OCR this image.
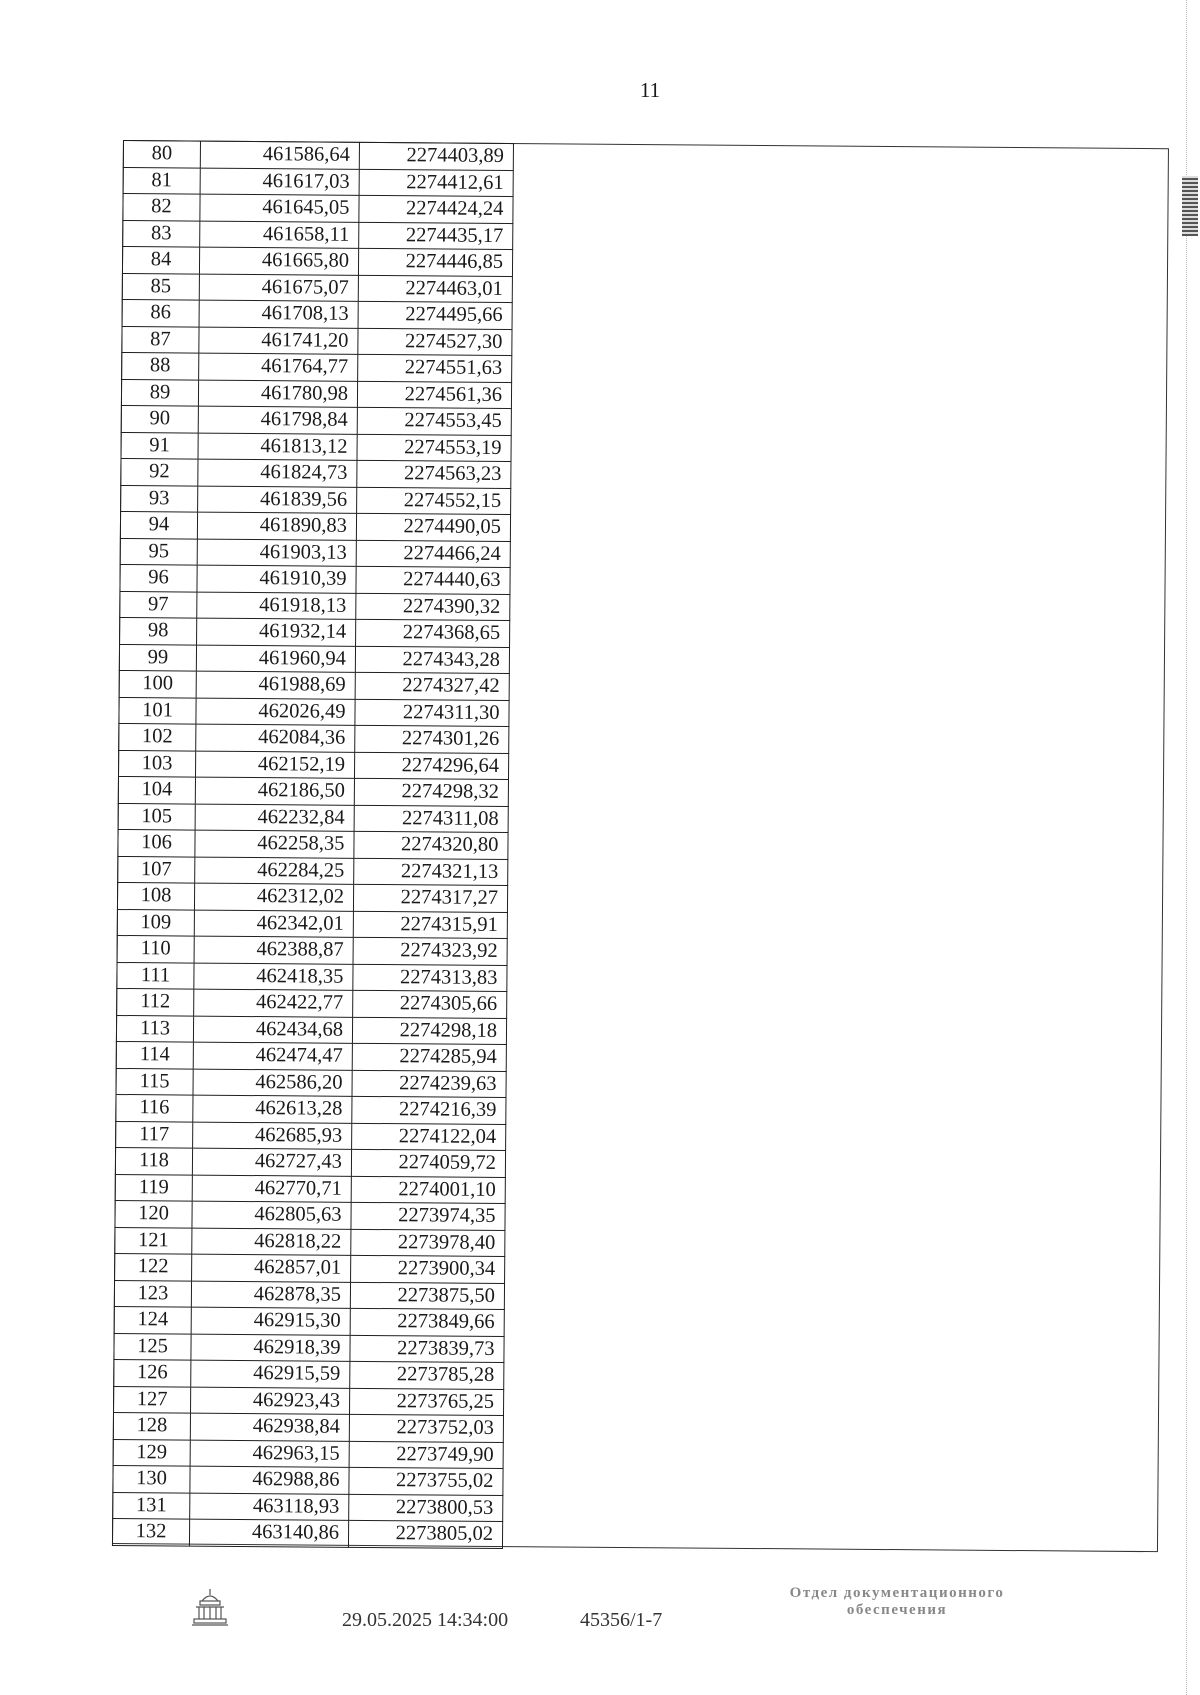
11
80	461586,64	2274403,89
81	461617,03	2274412,61
82	461645,05	2274424,24
83	461658,11	2274435,17
84	461665,80	2274446,85
85	461675,07	2274463,01
86	461708,13	2274495,66
87	461741,20	2274527,30
88	461764,77	2274551,63
89	461780,98	2274561,36
90	461798,84	2274553,45
91	461813,12	2274553,19
92	461824,73	2274563,23
93	461839,56	2274552,15
94	461890,83	2274490,05
95	461903,13	2274466,24
96	461910,39	2274440,63
97	461918,13	2274390,32
98	461932,14	2274368,65
99	461960,94	2274343,28
100	461988,69	2274327,42
101	462026,49	2274311,30
102	462084,36	2274301,26
103	462152,19	2274296,64
104	462186,50	2274298,32
105	462232,84	2274311,08
106	462258,35	2274320,80
107	462284,25	2274321,13
108	462312,02	2274317,27
109	462342,01	2274315,91
110	462388,87	2274323,92
111	462418,35	2274313,83
112	462422,77	2274305,66
113	462434,68	2274298,18
114	462474,47	2274285,94
115	462586,20	2274239,63
116	462613,28	2274216,39
117	462685,93	2274122,04
118	462727,43	2274059,72
119	462770,71	2274001,10
120	462805,63	2273974,35
121	462818,22	2273978,40
122	462857,01	2273900,34
123	462878,35	2273875,50
124	462915,30	2273849,66
125	462918,39	2273839,73
126	462915,59	2273785,28
127	462923,43	2273765,25
128	462938,84	2273752,03
129	462963,15	2273749,90
130	462988,86	2273755,02
131	463118,93	2273800,53
132	463140,86	2273805,02
29.05.2025 14:34:00	45356/1-7
Отдел документационного
обеспечения
